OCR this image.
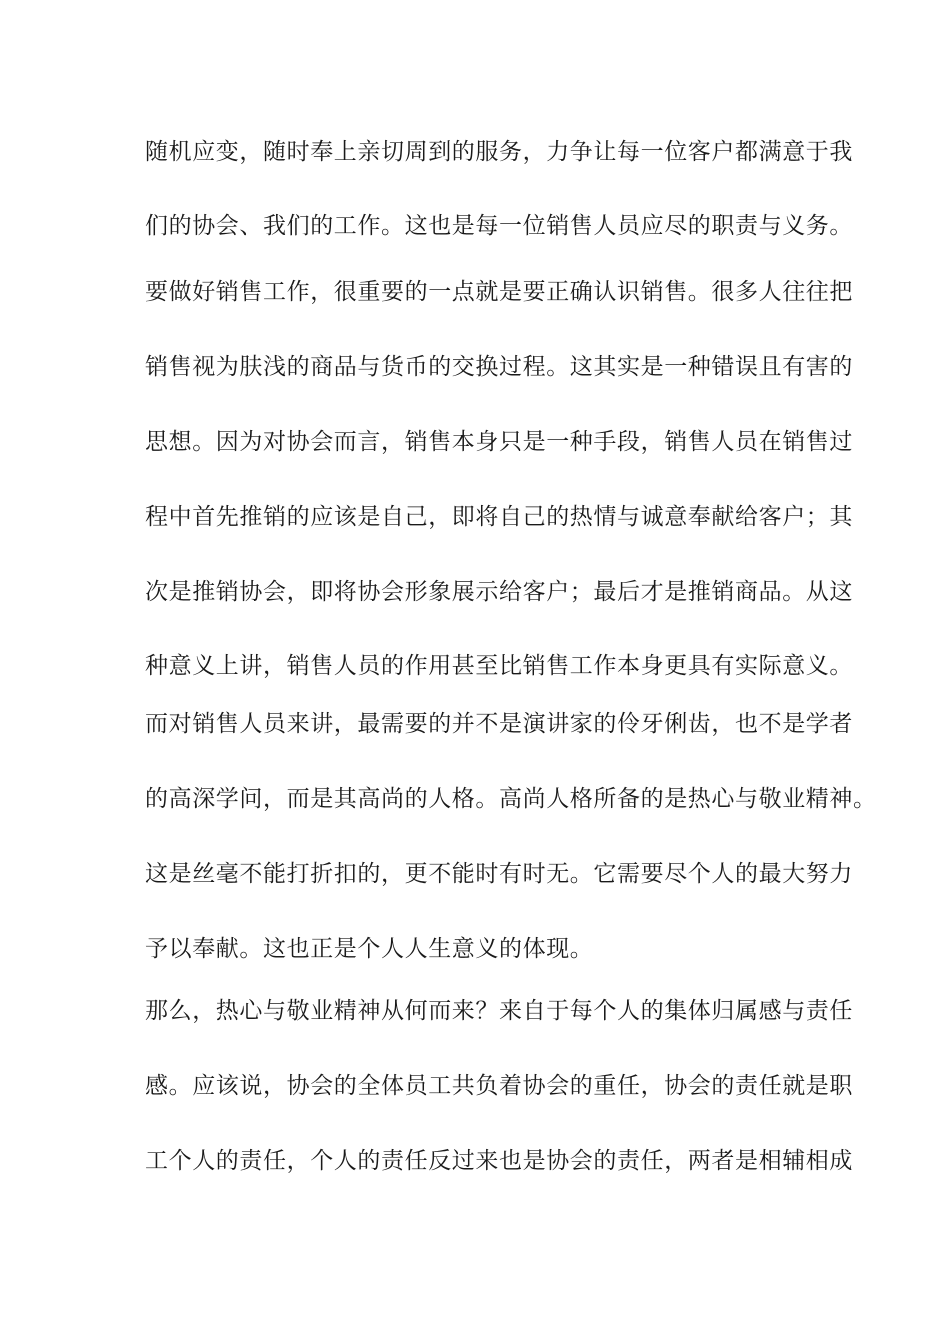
随机应变，随时奉上亲切周到的服务，力争让每一位客户都满意于我
们的协会、我们的工作。这也是每一位销售人员应尽的职责与义务。
要做好销售工作，很重要的一点就是要正确认识销售。很多人往往把
销售视为肤浅的商品与货币的交换过程。这其实是一种错误且有害的
思想。因为对协会而言，销售本身只是一种手段，销售人员在销售过
程中首先推销的应该是自己，即将自己的热情与诚意奉献给客户；其
次是推销协会，即将协会形象展示给客户；最后才是推销商品。从这
种意义上讲，销售人员的作用甚至比销售工作本身更具有实际意义。
而对销售人员来讲，最需要的并不是演讲家的伶牙俐齿，也不是学者
的高深学问，而是其高尚的人格。高尚人格所备的是热心与敬业精神。
这是丝毫不能打折扣的，更不能时有时无。它需要尽个人的最大努力
予以奉献。这也正是个人人生意义的体现。
那么，热心与敬业精神从何而来？来自于每个人的集体归属感与责任
感。应该说，协会的全体员工共负着协会的重任，协会的责任就是职
工个人的责任，个人的责任反过来也是协会的责任，两者是相辅相成
